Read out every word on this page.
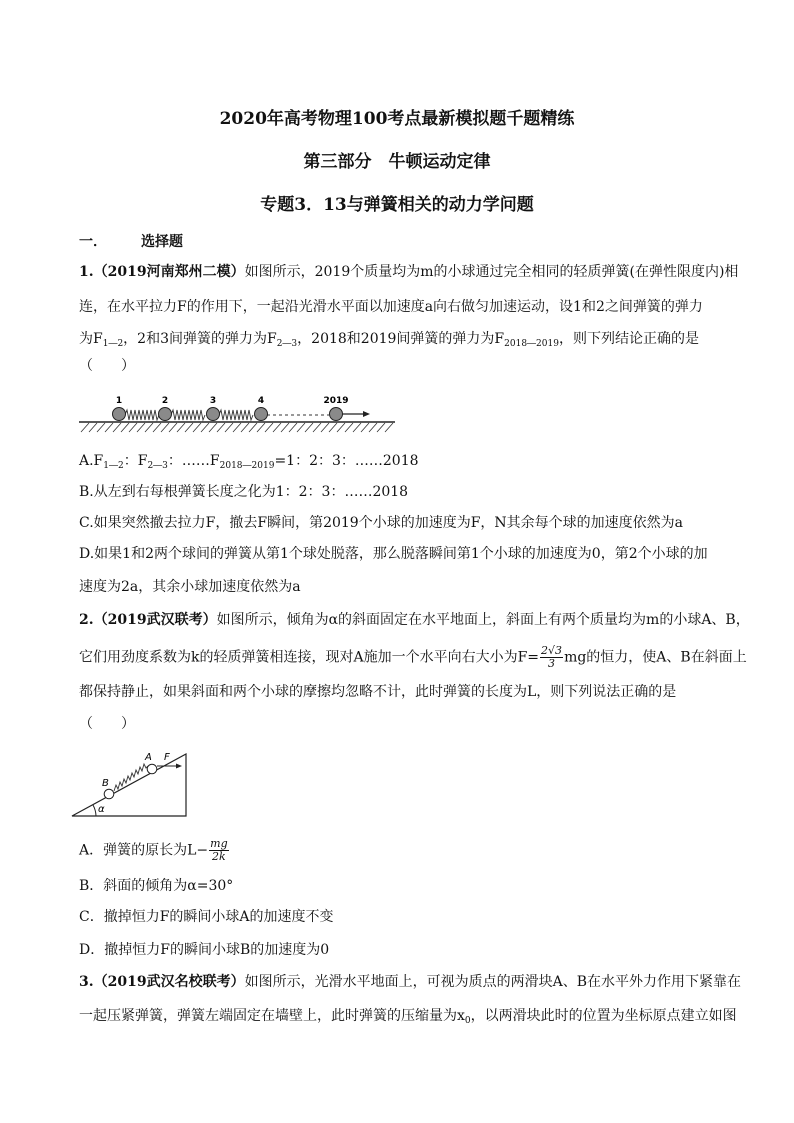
2020年高考物理100考点最新模拟题千题精练
第三部分　牛顿运动定律
专题3．13与弹簧相关的动力学问题
一． 选择题
1.（2019河南郑州二模）如图所示，2019个质量均为m的小球通过完全相同的轻质弹簧(在弹性限度内)相
连，在水平拉力F的作用下，一起沿光滑水平面以加速度a向右做匀加速运动，设1和2之间弹簧的弹力
为$F_{1―2}$，2和3间弹簧的弹力为$F_{2―3}$，2018和2019间弹簧的弹力为$F_{2018―2019}$，则下列结论正确的是
（　　）
1	2	3	4	2019
$A.F_{1―2}$：$F_{2―3}$：$\dots\dots F_{2018―2019}=1$：2：3：……2018
B.从左到右每根弹簧长度之化为1：2：3：……2018
C.如果突然撤去拉力F，撤去F瞬间，第2019个小球的加速度为F，N其余每个球的加速度依然为a
D.如果1和2两个球间的弹簧从第1个球处脱落，那么脱落瞬间第1个小球的加速度为0，第2个小球的加
速度为2a，其余小球加速度依然为a
2.（2019武汉联考）如图所示，倾角为α的斜面固定在水平地面上，斜面上有两个质量均为m的小球A、B，
它们用劲度系数为k的轻质弹簧相连接，现对A施加一个水平向右大小为$F= \frac{2√3}{3}$ mg的恒力，使A、B在斜面上
都保持静止，如果斜面和两个小球的摩擦均忽略不计，此时弹簧的长度为L，则下列说法正确的是
（　　）
α
B
A F
A．弹簧的原长为$L- \frac{mg}{2k}$
B．斜面的倾角为α=30°
C．撤掉恒力F的瞬间小球A的加速度不变
D．撤掉恒力F的瞬间小球B的加速度为0
3.（2019武汉名校联考）如图所示，光滑水平地面上，可视为质点的两滑块A、B在水平外力作用下紧靠在
一起压紧弹簧，弹簧左端固定在墙壁上，此时弹簧的压缩量为$x_0$，以两滑块此时的位置为坐标原点建立如图
